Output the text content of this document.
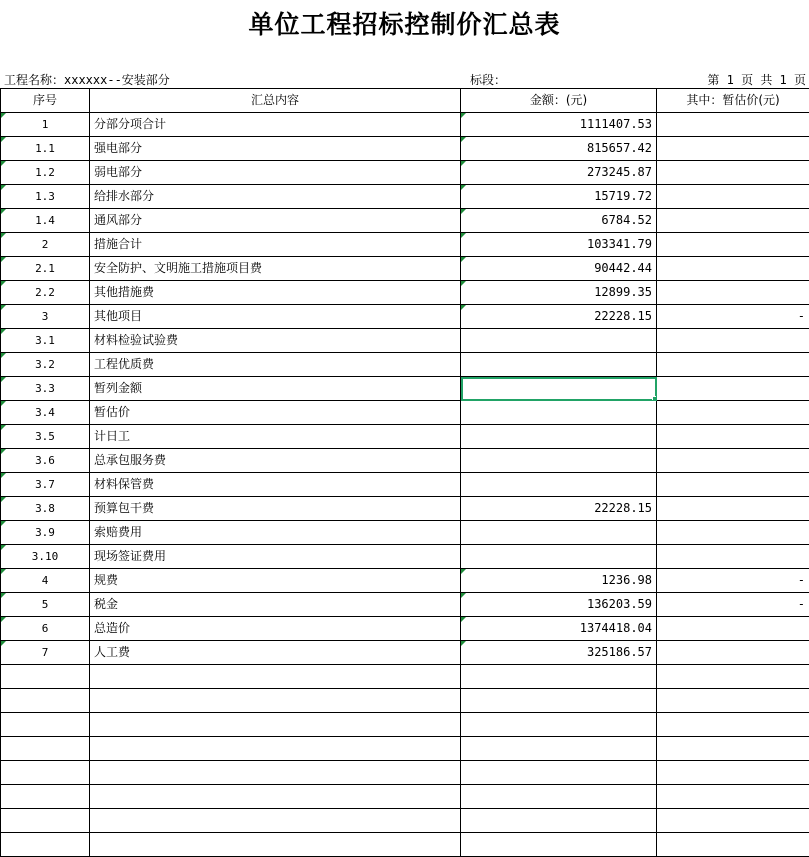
单位工程招标控制价汇总表
工程名称：xxxxxx--安装部分	标段：	第 1 页 共 1 页
序号	汇总内容	金额：(元)	其中：暂估价(元)
1	分部分项合计	1111407.53	
1.1	强电部分	815657.42	
1.2	弱电部分	273245.87	
1.3	给排水部分	15719.72	
1.4	通风部分	6784.52	
2	措施合计	103341.79	
2.1	安全防护、文明施工措施项目费	90442.44	
2.2	其他措施费	12899.35	
3	其他项目	22228.15	-
3.1	材料检验试验费		
3.2	工程优质费		
3.3	暂列金额		
3.4	暂估价		
3.5	计日工		
3.6	总承包服务费		
3.7	材料保管费		
3.8	预算包干费	22228.15	
3.9	索赔费用		
3.10	现场签证费用		
4	规费	1236.98	-
5	税金	136203.59	-
6	总造价	1374418.04	
7	人工费	325186.57	
